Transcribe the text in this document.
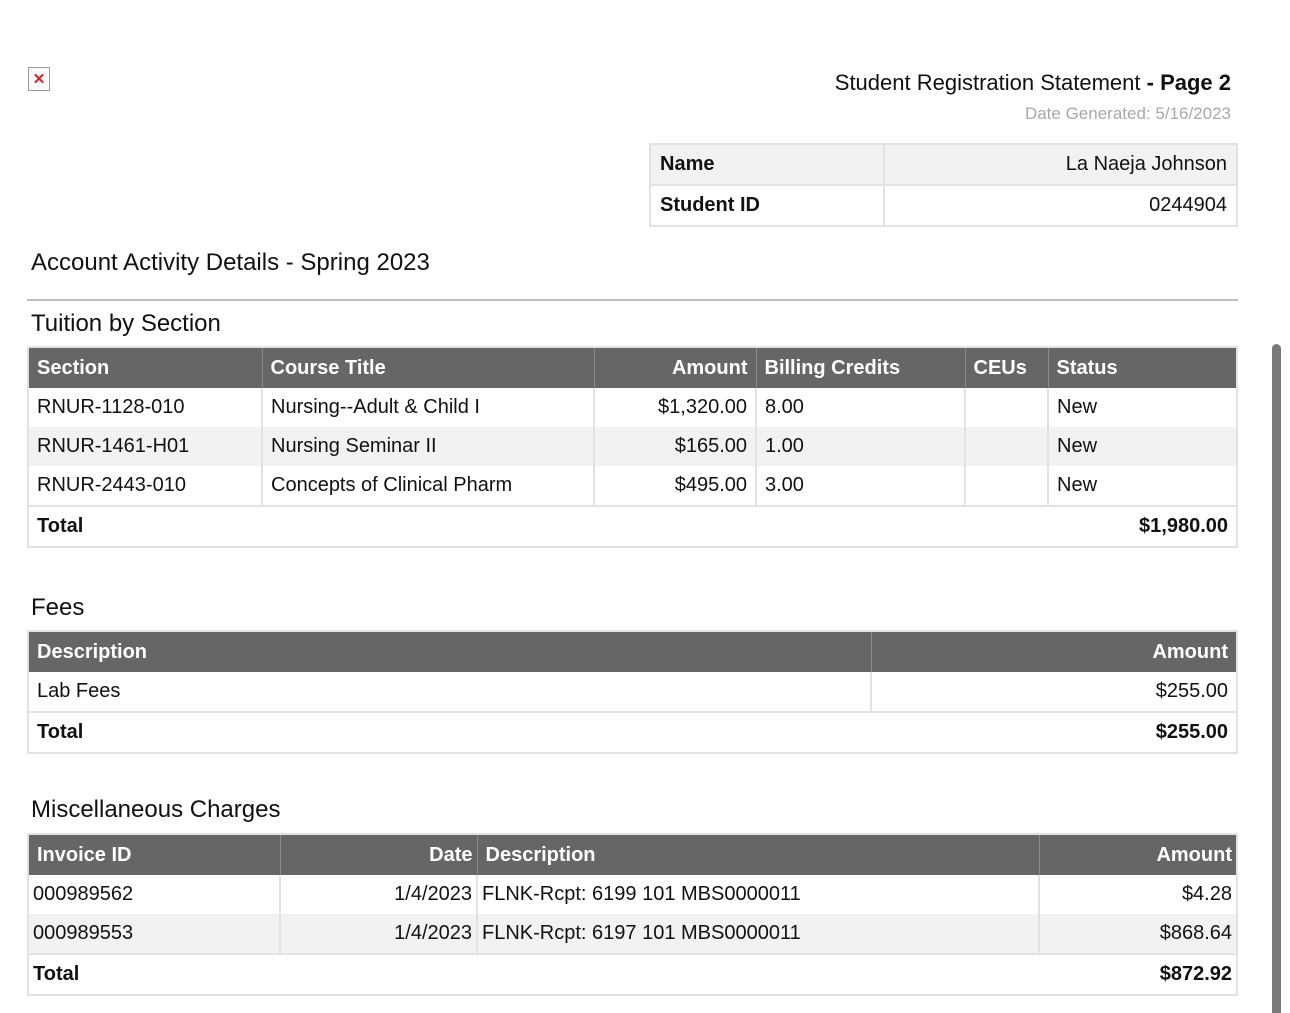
✕	Student Registration Statement - Page 2
Date Generated: 5/16/2023
Name	La Naeja Johnson
Student ID	0244904
Account Activity Details - Spring 2023
Tuition by Section
Section	Course Title	Amount	Billing Credits	CEUs	Status
RNUR-1128-010	Nursing--Adult & Child I	$1,320.00	8.00		New
RNUR-1461-H01	Nursing Seminar II	$165.00	1.00		New
RNUR-2443-010	Concepts of Clinical Pharm	$495.00	3.00		New
Total			$1,980.00		
Fees
Description	Amount
Lab Fees	$255.00
Total	$255.00
Miscellaneous Charges
Invoice ID	Date	Description	Amount
000989562	1/4/2023	FLNK-Rcpt: 6199 101 MBS0000011	$4.28
000989553	1/4/2023	FLNK-Rcpt: 6197 101 MBS0000011	$868.64
Total			$872.92
